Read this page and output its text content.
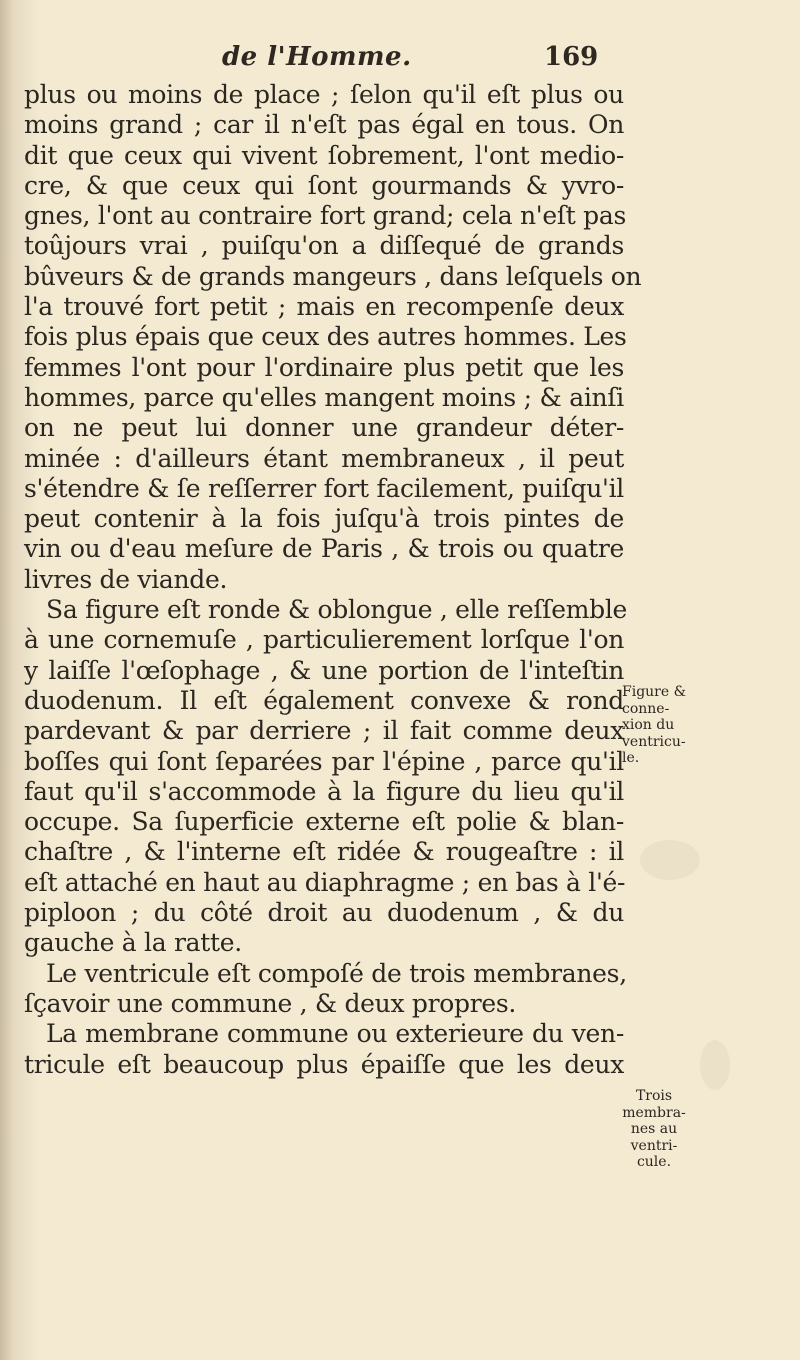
de l'Homme.	169
plus ou moins de place ; ſelon qu'il eſt plus ou
moins grand ; car il n'eſt pas égal en tous. On
dit que ceux qui vivent ſobrement, l'ont medio-
cre, & que ceux qui ſont gourmands & yvro-
gnes, l'ont au contraire fort grand; cela n'eſt pas
toûjours vrai , puiſqu'on a diſſequé de grands
bûveurs & de grands mangeurs , dans leſquels on
l'a trouvé fort petit ; mais en recompenſe deux
fois plus épais que ceux des autres hommes. Les
femmes l'ont pour l'ordinaire plus petit que les
hommes, parce qu'elles mangent moins ; & ainſi
on ne peut lui donner une grandeur déter-
minée : d'ailleurs étant membraneux , il peut
s'étendre & ſe reſſerrer fort facilement, puiſqu'il
peut contenir à la fois juſqu'à trois pintes de
vin ou d'eau meſure de Paris , & trois ou quatre
livres de viande.
Sa figure eſt ronde & oblongue , elle reſſemble
à une cornemuſe , particulierement lorſque l'on
y laiſſe l'œſophage , & une portion de l'inteſtin
duodenum. Il eſt également convexe & rond
pardevant & par derriere ; il fait comme deux
boſſes qui ſont ſeparées par l'épine , parce qu'il
faut qu'il s'accommode à la figure du lieu qu'il
occupe. Sa ſuperficie externe eſt polie & blan-
chaſtre , & l'interne eſt ridée & rougeaſtre : il
eſt attaché en haut au diaphragme ; en bas à l'é-
piploon ; du côté droit au duodenum , & du
gauche à la ratte.
Le ventricule eſt compoſé de trois membranes,
ſçavoir une commune , & deux propres.
La membrane commune ou exterieure du ven-
tricule eſt beaucoup plus épaiſſe que les deux
Figure &
conne-
xion du
ventricu-
le.
Trois
membra-
nes au
ventri-
cule.
